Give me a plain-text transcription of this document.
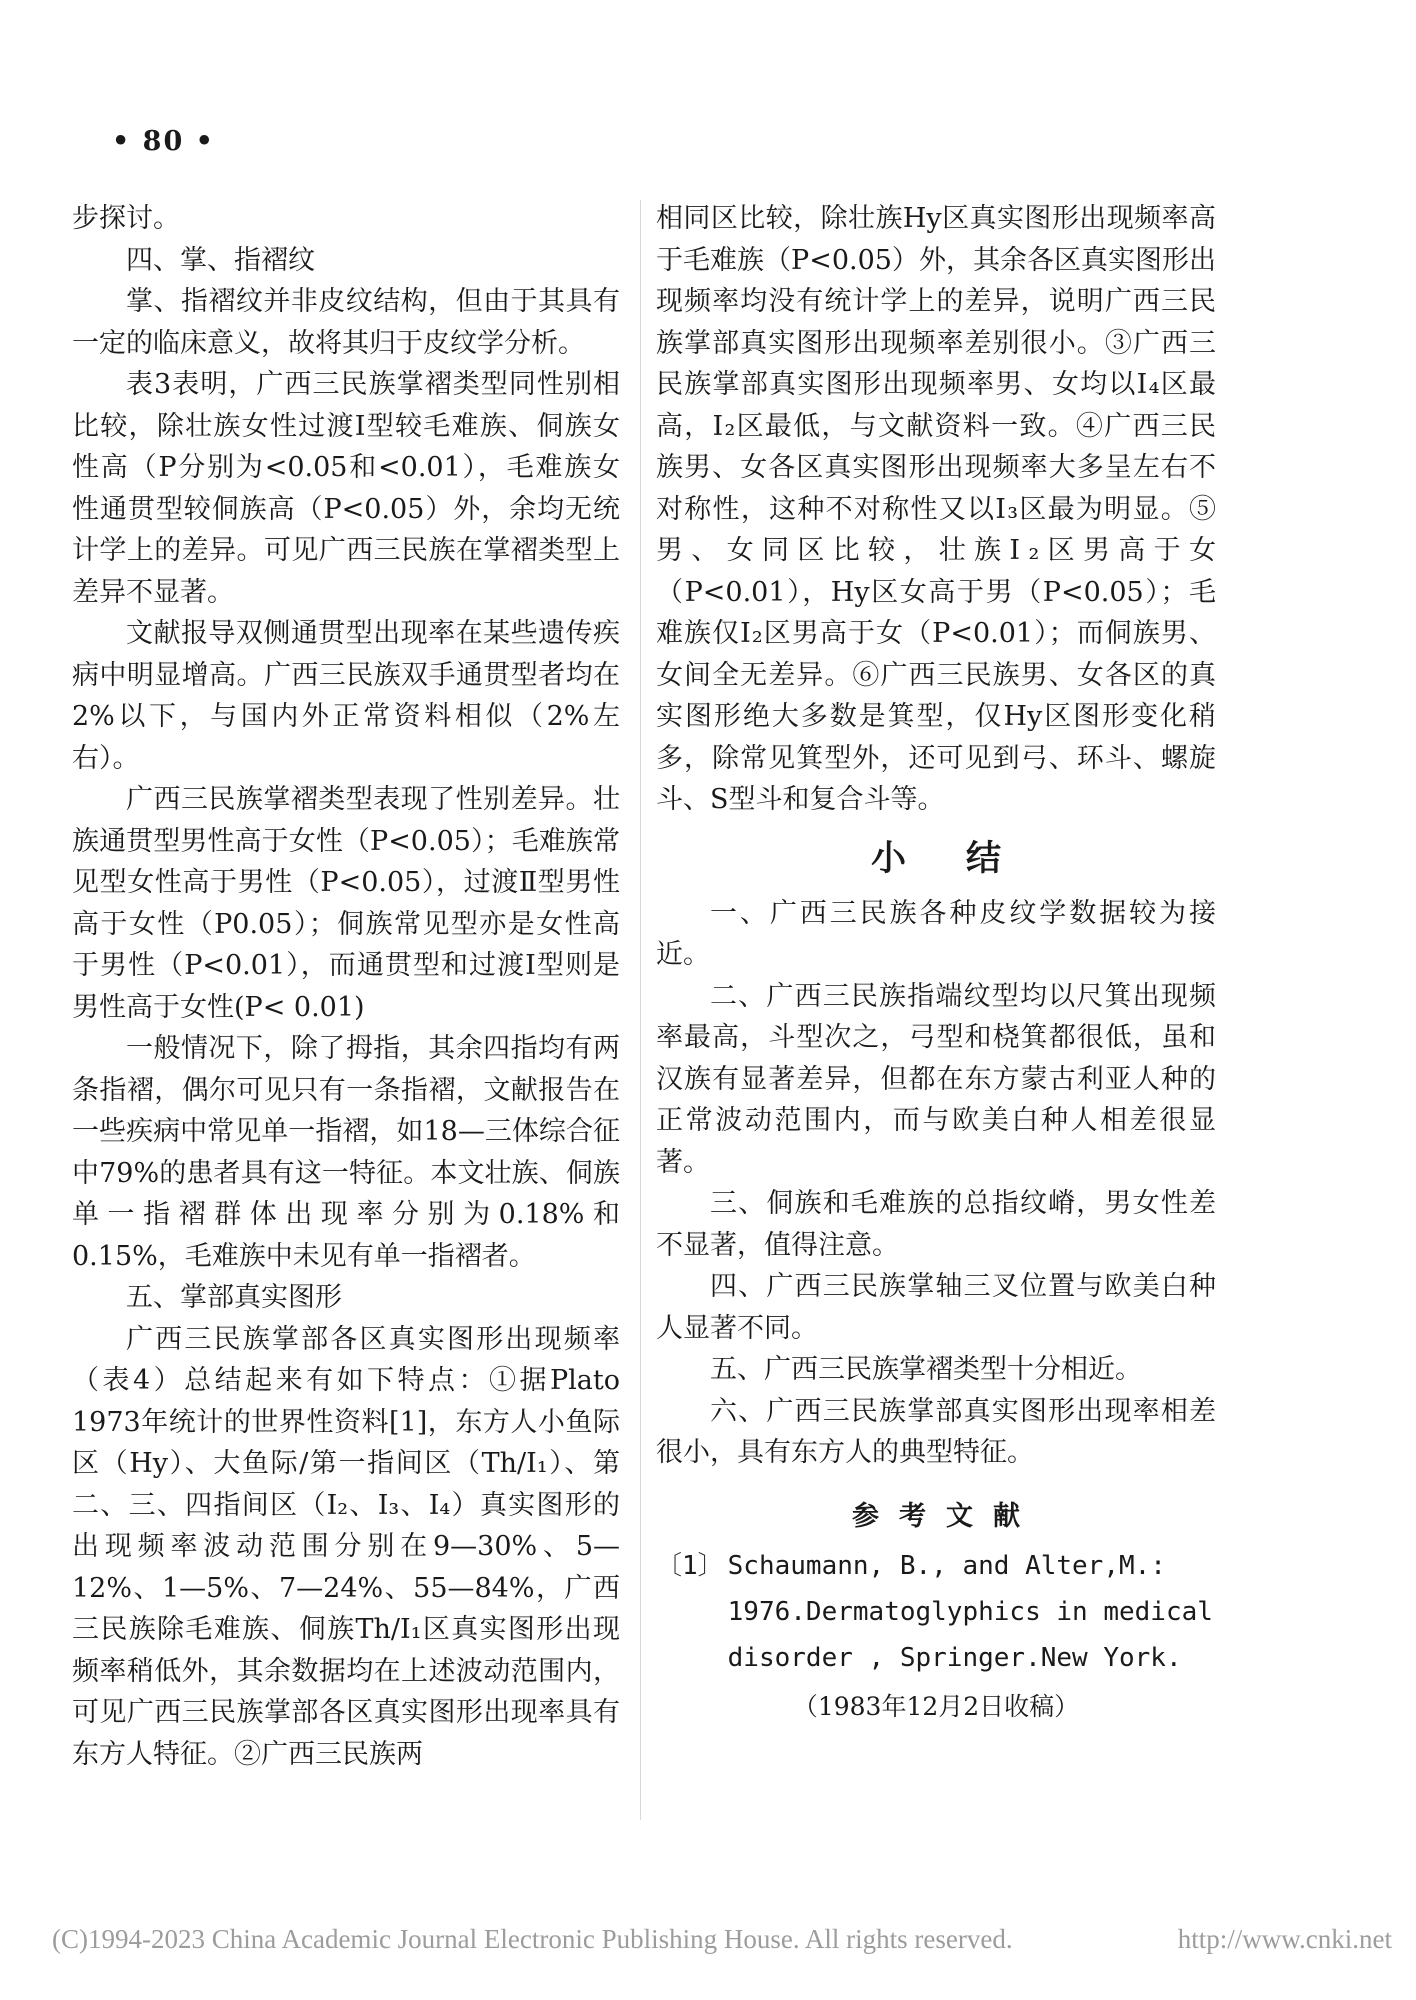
• 80 •

步探讨。

四、掌、指褶纹

掌、指褶纹并非皮纹结构，但由于其具有一定的临床意义，故将其归于皮纹学分析。

表3表明，广西三民族掌褶类型同性别相比较，除壮族女性过渡Ⅰ型较毛难族、侗族女性高（P分别为<0.05和<0.01），毛难族女性通贯型较侗族高（P<0.05）外，余均无统计学上的差异。可见广西三民族在掌褶类型上差异不显著。

文献报导双侧通贯型出现率在某些遗传疾病中明显增高。广西三民族双手通贯型者均在2%以下，与国内外正常资料相似（2%左右）。

广西三民族掌褶类型表现了性别差异。壮族通贯型男性高于女性（P<0.05）；毛难族常见型女性高于男性（P<0.05），过渡Ⅱ型男性高于女性（P0.05）；侗族常见型亦是女性高于男性（P<0.01），而通贯型和过渡Ⅰ型则是男性高于女性(P< 0.01)

一般情况下，除了拇指，其余四指均有两条指褶，偶尔可见只有一条指褶，文献报告在一些疾病中常见单一指褶，如18—三体综合征中79%的患者具有这一特征。本文壮族、侗族单一指褶群体出现率分别为0.18%和0.15%，毛难族中未见有单一指褶者。

五、掌部真实图形

广西三民族掌部各区真实图形出现频率（表4）总结起来有如下特点：①据Plato 1973年统计的世界性资料[1]，东方人小鱼际区（Hy）、大鱼际/第一指间区（Th/I₁）、第二、三、四指间区（I₂、I₃、I₄）真实图形的出现频率波动范围分别在9—30%、5—12%、1—5%、7—24%、55—84%，广西三民族除毛难族、侗族Th/I₁区真实图形出现频率稍低外，其余数据均在上述波动范围内，可见广西三民族掌部各区真实图形出现率具有东方人特征。②广西三民族两

相同区比较，除壮族Hy区真实图形出现频率高于毛难族（P<0.05）外，其余各区真实图形出现频率均没有统计学上的差异，说明广西三民族掌部真实图形出现频率差别很小。③广西三民族掌部真实图形出现频率男、女均以Ⅰ₄区最高，Ⅰ₂区最低，与文献资料一致。④广西三民族男、女各区真实图形出现频率大多呈左右不对称性，这种不对称性又以Ⅰ₃区最为明显。⑤男、女同区比较，壮族Ⅰ₂区男高于女（P<0.01），Hy区女高于男（P<0.05）；毛难族仅Ⅰ₂区男高于女（P<0.01）；而侗族男、女间全无差异。⑥广西三民族男、女各区的真实图形绝大多数是箕型，仅Hy区图形变化稍多，除常见箕型外，还可见到弓、环斗、螺旋斗、S型斗和复合斗等。

小结

一、广西三民族各种皮纹学数据较为接近。

二、广西三民族指端纹型均以尺箕出现频率最高，斗型次之，弓型和桡箕都很低，虽和汉族有显著差异，但都在东方蒙古利亚人种的正常波动范围内，而与欧美白种人相差很显著。

三、侗族和毛难族的总指纹嵴，男女性差不显著，值得注意。

四、广西三民族掌轴三叉位置与欧美白种人显著不同。

五、广西三民族掌褶类型十分相近。

六、广西三民族掌部真实图形出现率相差很小，具有东方人的典型特征。

参考文献
〔1〕 Schaumann, B., and Alter,M.: 1976.Dermatoglyphics in medical disorder , Springer.New York.
（1983年12月2日收稿）
(C)1994-2023 China Academic Journal Electronic Publishing House. All rights reserved.	http://www.cnki.net
